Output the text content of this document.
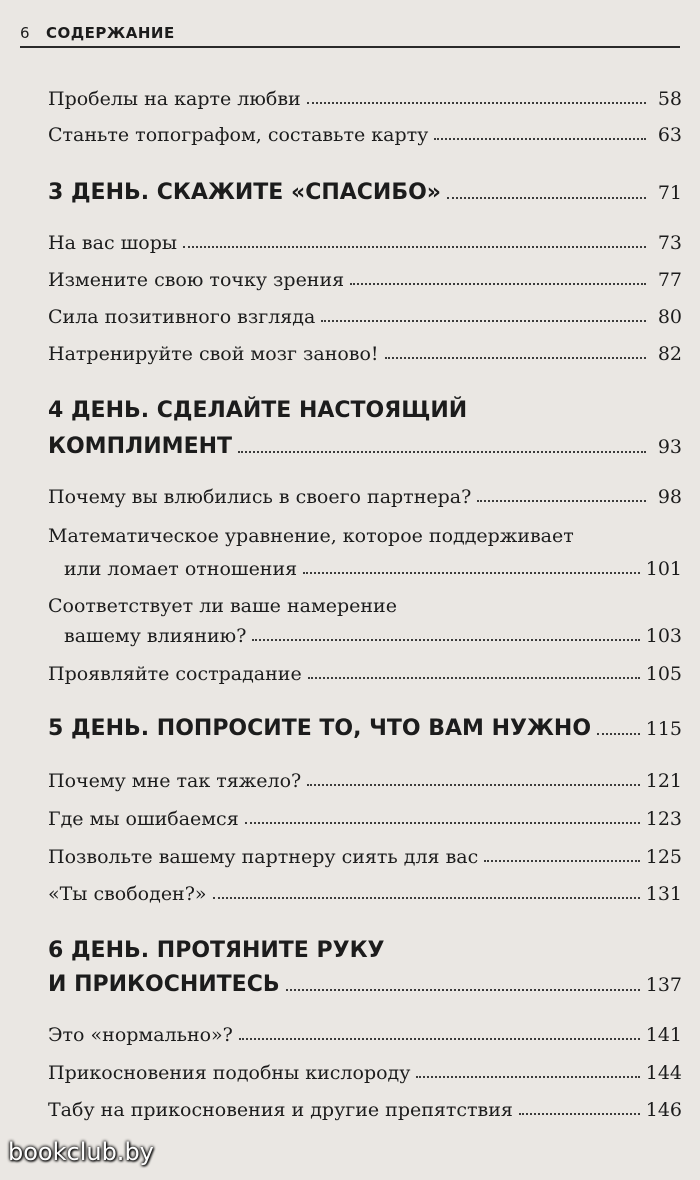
6 СОДЕРЖАНИЕ
Пробелы на карте любви	58
Станьте топографом, составьте карту	63
3 ДЕНЬ. СКАЖИТЕ «СПАСИБО»	71
На вас шоры	73
Измените свою точку зрения	77
Сила позитивного взгляда	80
Натренируйте свой мозг заново!	82
4 ДЕНЬ. СДЕЛАЙТЕ НАСТОЯЩИЙ
КОМПЛИМЕНТ	93
Почему вы влюбились в своего партнера?	98
Математическое уравнение, которое поддерживает
или ломает отношения	101
Соответствует ли ваше намерение
вашему влиянию?	103
Проявляйте сострадание	105
5 ДЕНЬ. ПОПРОСИТЕ ТО, ЧТО ВАМ НУЖНО	115
Почему мне так тяжело?	121
Где мы ошибаемся	123
Позвольте вашему партнеру сиять для вас	125
«Ты свободен?»	131
6 ДЕНЬ. ПРОТЯНИТЕ РУКУ
И ПРИКОСНИТЕСЬ	137
Это «нормально»?	141
Прикосновения подобны кислороду	144
Табу на прикосновения и другие препятствия	146
bookclub.by
